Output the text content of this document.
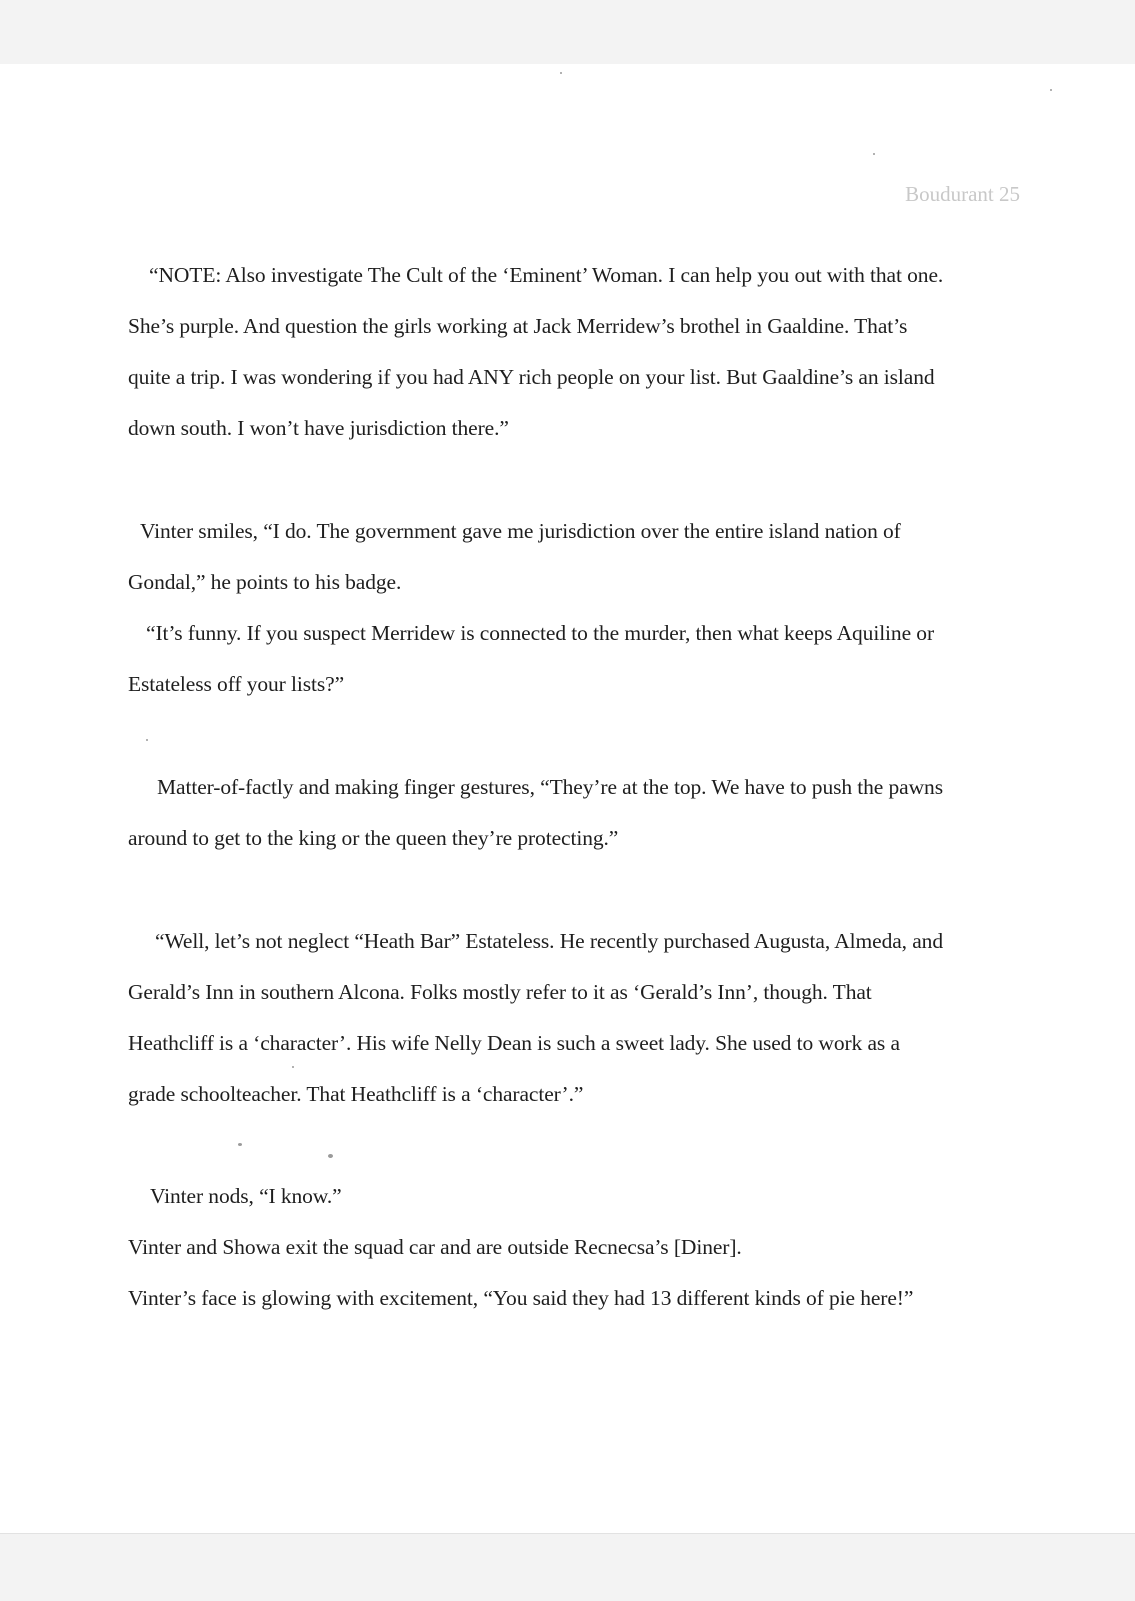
Boudurant 25
“NOTE: Also investigate The Cult of the ‘Eminent’ Woman. I can help you out with that one.
She’s purple. And question the girls working at Jack Merridew’s brothel in Gaaldine. That’s
quite a trip. I was wondering if you had ANY rich people on your list. But Gaaldine’s an island
down south. I won’t have jurisdiction there.”
Vinter smiles, “I do. The government gave me jurisdiction over the entire island nation of
Gondal,” he points to his badge.
“It’s funny. If you suspect Merridew is connected to the murder, then what keeps Aquiline or
Estateless off your lists?”
Matter-of-factly and making finger gestures, “They’re at the top. We have to push the pawns
around to get to the king or the queen they’re protecting.”
“Well, let’s not neglect “Heath Bar” Estateless. He recently purchased Augusta, Almeda, and
Gerald’s Inn in southern Alcona. Folks mostly refer to it as ‘Gerald’s Inn’, though. That
Heathcliff is a ‘character’. His wife Nelly Dean is such a sweet lady. She used to work as a
grade schoolteacher. That Heathcliff is a ‘character’.”
Vinter nods, “I know.”
Vinter and Showa exit the squad car and are outside Recnecsa’s [Diner].
Vinter’s face is glowing with excitement, “You said they had 13 different kinds of pie here!”
